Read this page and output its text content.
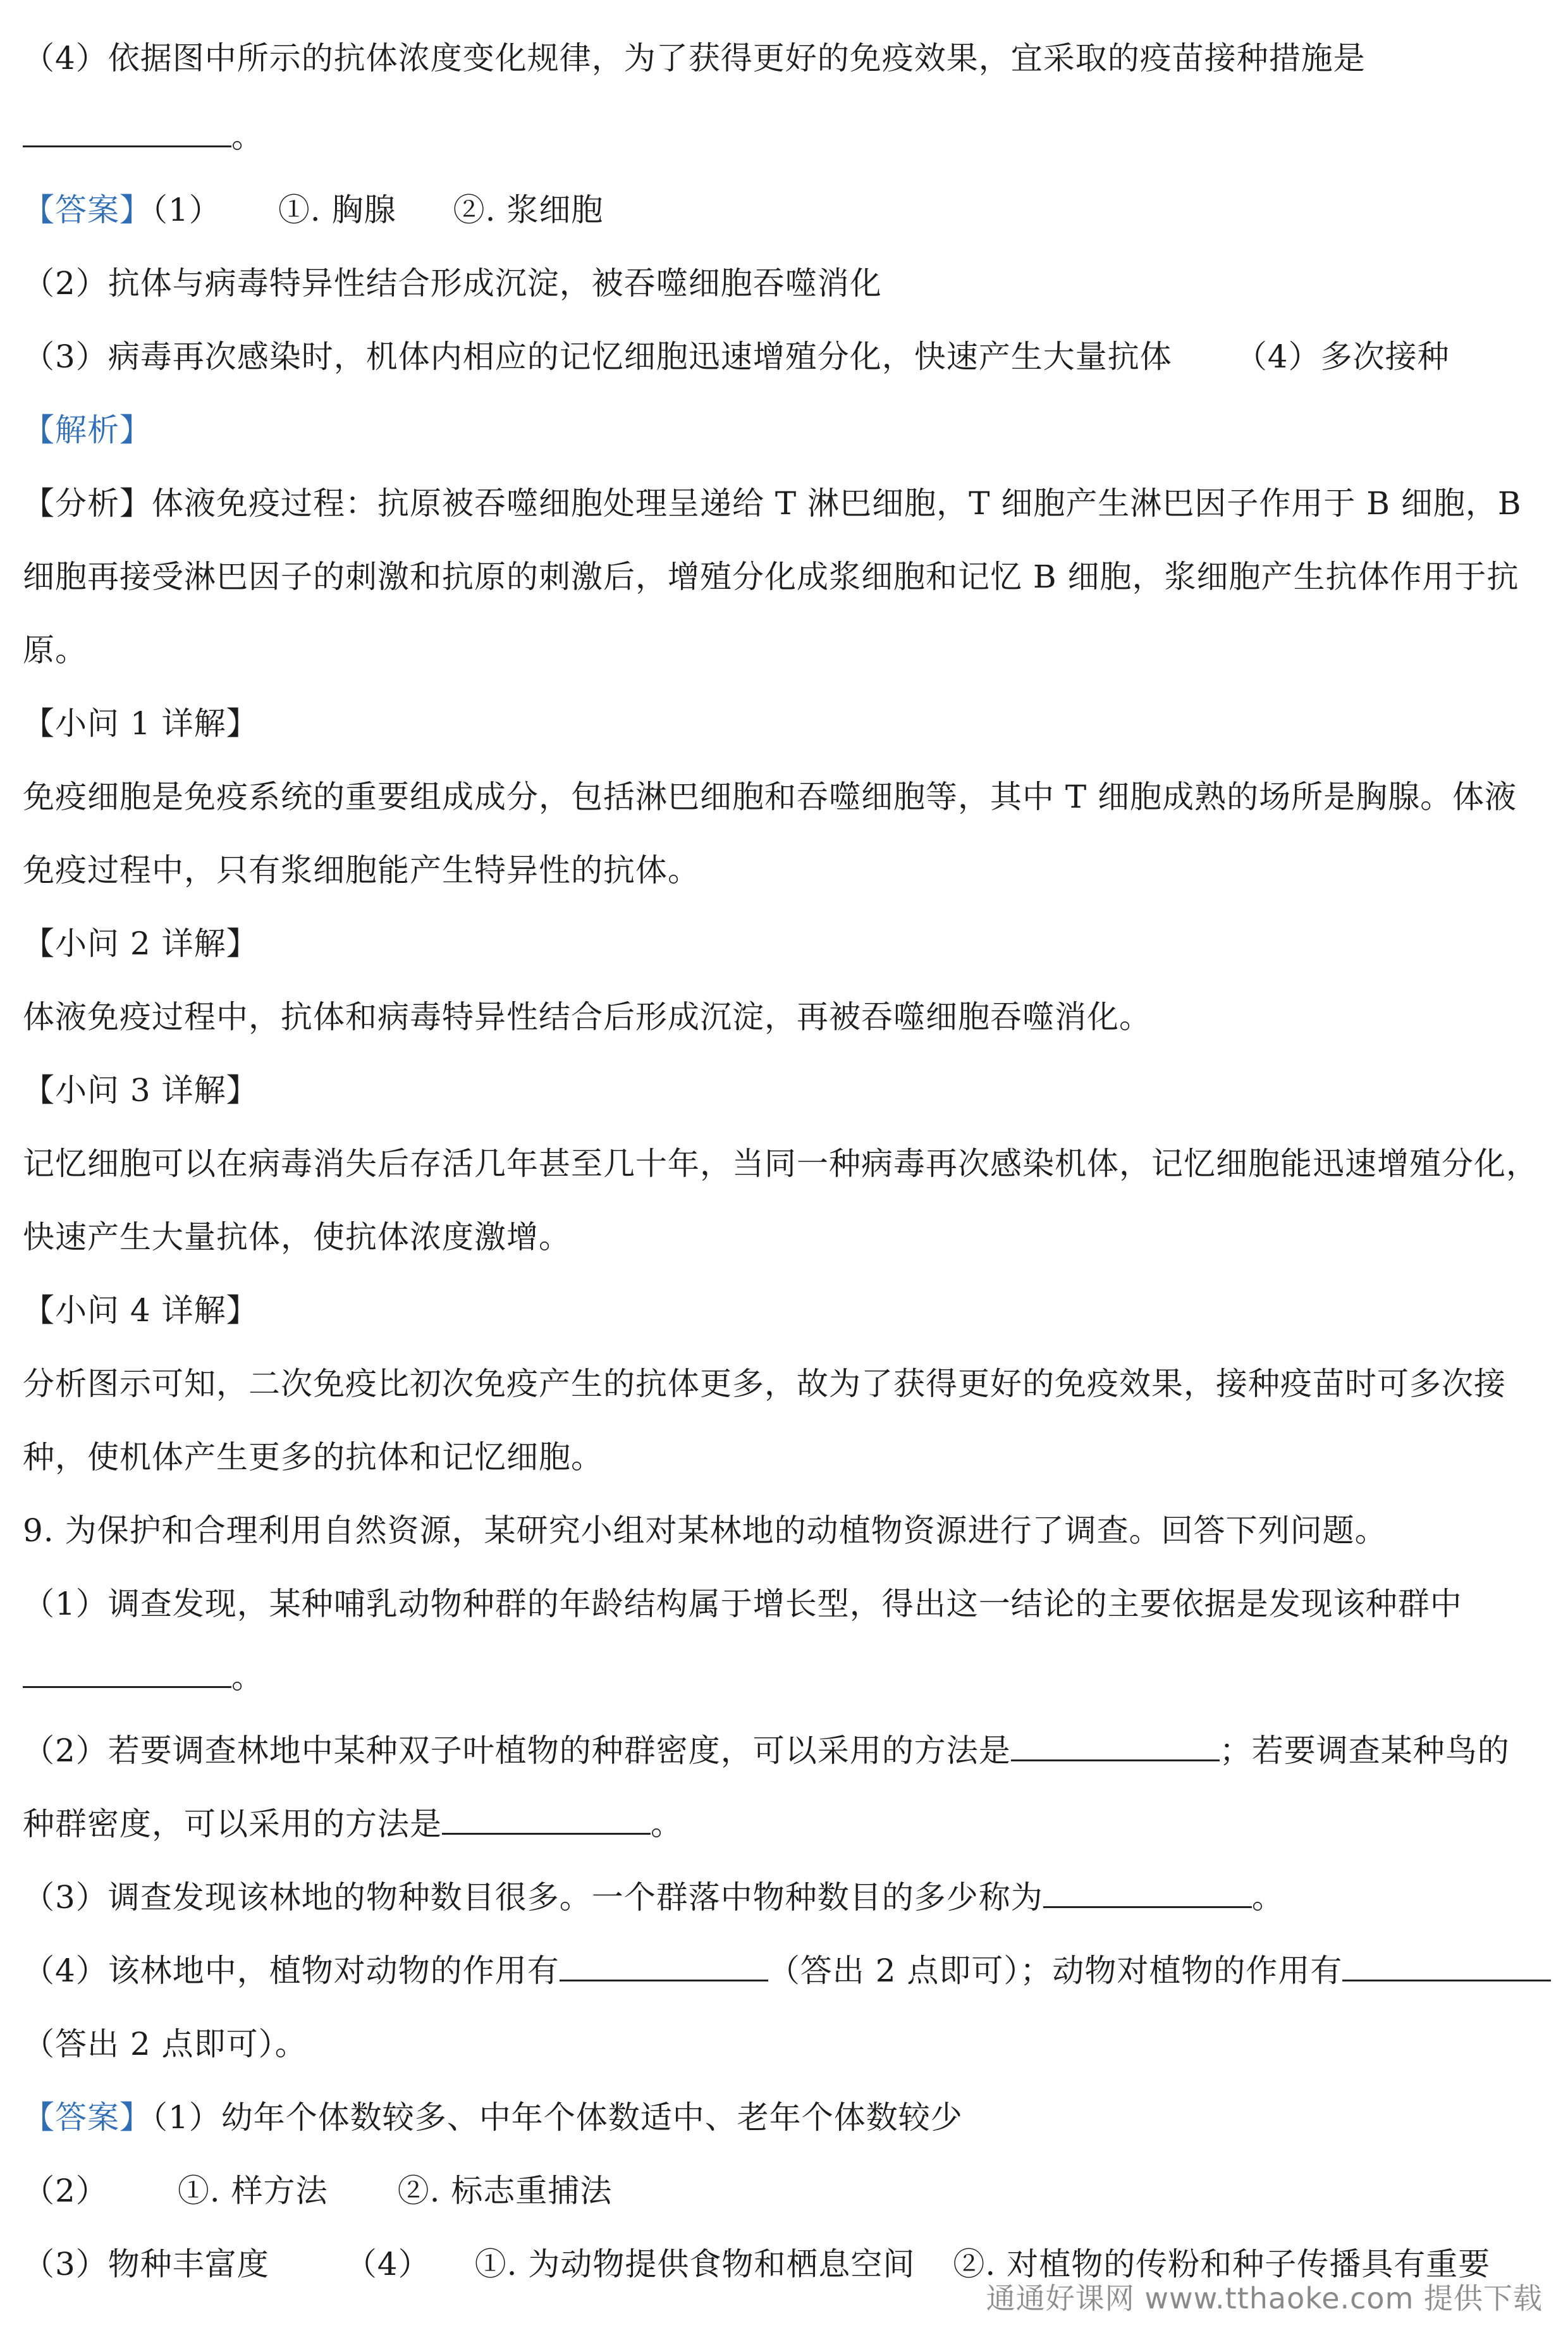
（4）依据图中所示的抗体浓度变化规律，为了获得更好的免疫效果，宜采取的疫苗接种措施是
。
【答案】（1） ①. 胸腺 ②. 浆细胞
（2）抗体与病毒特异性结合形成沉淀，被吞噬细胞吞噬消化
（3）病毒再次感染时，机体内相应的记忆细胞迅速增殖分化，快速产生大量抗体 （4）多次接种
【解析】
【分析】体液免疫过程：抗原被吞噬细胞处理呈递给 T 淋巴细胞，T 细胞产生淋巴因子作用于 B 细胞，B
细胞再接受淋巴因子的刺激和抗原的刺激后，增殖分化成浆细胞和记忆 B 细胞，浆细胞产生抗体作用于抗
原。
【小问 1 详解】
免疫细胞是免疫系统的重要组成成分，包括淋巴细胞和吞噬细胞等，其中 T 细胞成熟的场所是胸腺。体液
免疫过程中，只有浆细胞能产生特异性的抗体。
【小问 2 详解】
体液免疫过程中，抗体和病毒特异性结合后形成沉淀，再被吞噬细胞吞噬消化。
【小问 3 详解】
记忆细胞可以在病毒消失后存活几年甚至几十年，当同一种病毒再次感染机体，记忆细胞能迅速增殖分化，
快速产生大量抗体，使抗体浓度激增。
【小问 4 详解】
分析图示可知，二次免疫比初次免疫产生的抗体更多，故为了获得更好的免疫效果，接种疫苗时可多次接
种，使机体产生更多的抗体和记忆细胞。
9. 为保护和合理利用自然资源，某研究小组对某林地的动植物资源进行了调查。回答下列问题。
（1）调查发现，某种哺乳动物种群的年龄结构属于增长型，得出这一结论的主要依据是发现该种群中
。
（2）若要调查林地中某种双子叶植物的种群密度，可以采用的方法是	；若要调查某种鸟的
种群密度，可以采用的方法是	。
（3）调查发现该林地的物种数目很多。一个群落中物种数目的多少称为	。
（4）该林地中，植物对动物的作用有	（答出 2 点即可）；动物对植物的作用有
（答出 2 点即可）。
【答案】（1）幼年个体数较多、中年个体数适中、老年个体数较少
（2） ①. 样方法 ②. 标志重捕法
（3）物种丰富度 （4） ①. 为动物提供食物和栖息空间 ②. 对植物的传粉和种子传播具有重要
通通好课网 www.tthaoke.com 提供下载
